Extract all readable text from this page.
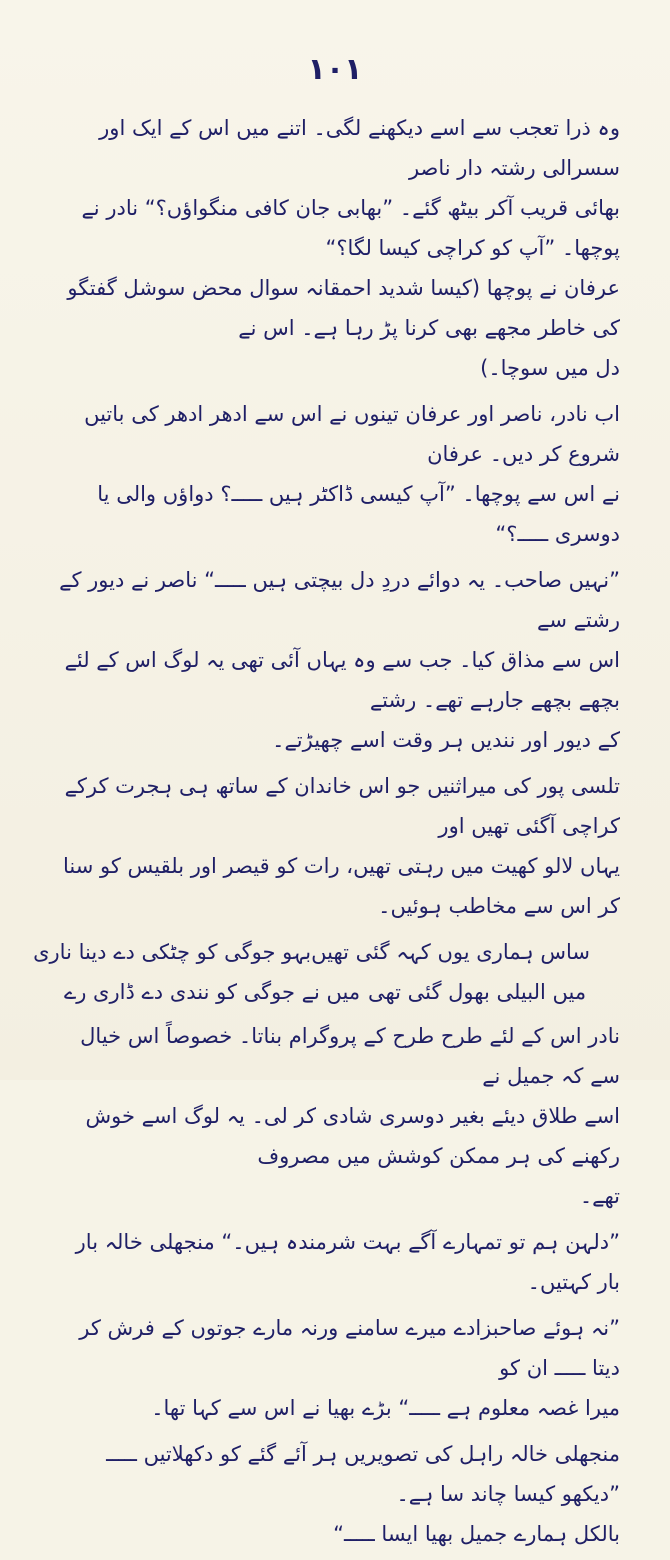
۱۰۱

وہ ذرا تعجب سے اسے دیکھنے لگی۔ اتنے میں اس کے ایک اور سسرالی رشتہ دار ناصر

بھائی قریب آکر بیٹھ گئے۔ ”بھابی جان کافی منگواؤں؟“ نادر نے پوچھا۔ ”آپ کو کراچی کیسا لگا؟“

عرفان نے پوچھا (کیسا شدید احمقانہ سوال محض سوشل گفتگو کی خاطر مجھے بھی کرنا پڑ رہا ہے۔ اس نے

دل میں سوچا۔)

اب نادر، ناصر اور عرفان تینوں نے اس سے ادھر ادھر کی باتیں شروع کر دیں۔ عرفان

نے اس سے پوچھا۔ ”آپ کیسی ڈاکٹر ہیں ـــــ؟ دواؤں والی یا دوسری ـــــ؟“

”نہیں صاحب۔ یہ دوائے دردِ دل بیچتی ہیں ـــــ“ ناصر نے دیور کے رشتے سے

اس سے مذاق کیا۔ جب سے وہ یہاں آئی تھی یہ لوگ اس کے لئے بچھے بچھے جارہے تھے۔ رشتے

کے دیور اور نندیں ہر وقت اسے چھیڑتے۔

تلسی پور کی میراثنیں جو اس خاندان کے ساتھ ہی ہجرت کرکے کراچی آگئی تھیں اور

یہاں لالو کھیت میں رہتی تھیں، رات کو قیصر اور بلقیس کو سنا کر اس سے مخاطب ہوئیں۔

ساس ہماری یوں کہہ گئی تھیں
بہو جوگی کو چٹکی دے دینا ناری
میں البیلی بھول گئی تھی
میں نے جوگی کو نندی دے ڈاری رے

نادر اس کے لئے طرح طرح کے پروگرام بناتا۔ خصوصاً اس خیال سے کہ جمیل نے

اسے طلاق دیئے بغیر دوسری شادی کر لی۔ یہ لوگ اسے خوش رکھنے کی ہر ممکن کوشش میں مصروف

تھے۔

”دلہن ہم تو تمہارے آگے بہت شرمندہ ہیں۔“ منجھلی خالہ بار بار کہتیں۔

”نہ ہوئے صاحبزادے میرے سامنے ورنہ مارے جوتوں کے فرش کر دیتا ـــــ ان کو

میرا غصہ معلوم ہے ـــــ“ بڑے بھیا نے اس سے کہا تھا۔

منجھلی خالہ راہل کی تصویریں ہر آئے گئے کو دکھلاتیں ـــــ ”دیکھو کیسا چاند سا ہے۔

بالکل ہمارے جمیل بھیا ایسا ـــــ“
